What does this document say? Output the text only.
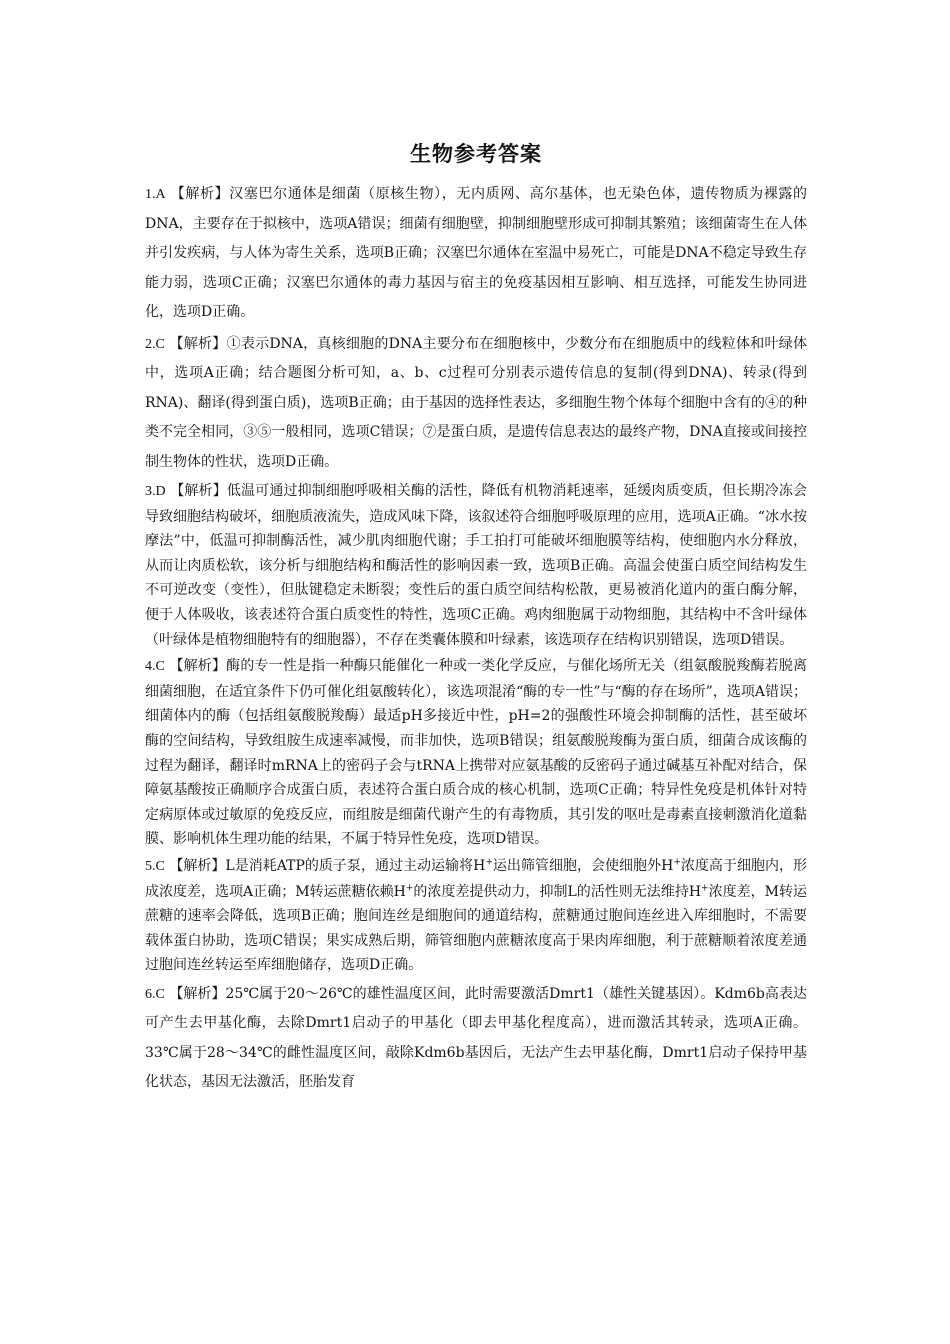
生物参考答案

1.A 【解析】汉塞巴尔通体是细菌（原核生物），无内质网、高尔基体，也无染色体，遗传物质为裸露的DNA，主要存在于拟核中，选项A错误；细菌有细胞壁，抑制细胞壁形成可抑制其繁殖；该细菌寄生在人体并引发疾病，与人体为寄生关系，选项B正确；汉塞巴尔通体在室温中易死亡，可能是DNA不稳定导致生存能力弱，选项C正确；汉塞巴尔通体的毒力基因与宿主的免疫基因相互影响、相互选择，可能发生协同进化，选项D正确。

2.C 【解析】①表示DNA，真核细胞的DNA主要分布在细胞核中，少数分布在细胞质中的线粒体和叶绿体中，选项A正确；结合题图分析可知，a、b、c过程可分别表示遗传信息的复制(得到DNA)、转录(得到RNA)、翻译(得到蛋白质)，选项B正确；由于基因的选择性表达，多细胞生物个体每个细胞中含有的④的种类不完全相同，③⑤一般相同，选项C错误；⑦是蛋白质，是遗传信息表达的最终产物，DNA直接或间接控制生物体的性状，选项D正确。

3.D 【解析】低温可通过抑制细胞呼吸相关酶的活性，降低有机物消耗速率，延缓肉质变质，但长期冷冻会导致细胞结构破坏，细胞质液流失，造成风味下降，该叙述符合细胞呼吸原理的应用，选项A正确。“冰水按摩法”中，低温可抑制酶活性，减少肌肉细胞代谢；手工拍打可能破坏细胞膜等结构，使细胞内水分释放，从而让肉质松软，该分析与细胞结构和酶活性的影响因素一致，选项B正确。高温会使蛋白质空间结构发生不可逆改变（变性），但肽键稳定未断裂；变性后的蛋白质空间结构松散，更易被消化道内的蛋白酶分解，便于人体吸收，该表述符合蛋白质变性的特性，选项C正确。鸡肉细胞属于动物细胞，其结构中不含叶绿体（叶绿体是植物细胞特有的细胞器），不存在类囊体膜和叶绿素，该选项存在结构识别错误，选项D错误。

4.C 【解析】酶的专一性是指一种酶只能催化一种或一类化学反应，与催化场所无关（组氨酸脱羧酶若脱离细菌细胞，在适宜条件下仍可催化组氨酸转化），该选项混淆“酶的专一性”与“酶的存在场所”，选项A错误；细菌体内的酶（包括组氨酸脱羧酶）最适pH多接近中性，pH=2的强酸性环境会抑制酶的活性，甚至破坏酶的空间结构，导致组胺生成速率减慢，而非加快，选项B错误；组氨酸脱羧酶为蛋白质，细菌合成该酶的过程为翻译，翻译时mRNA上的密码子会与tRNA上携带对应氨基酸的反密码子通过碱基互补配对结合，保障氨基酸按正确顺序合成蛋白质，表述符合蛋白质合成的核心机制，选项C正确；特异性免疫是机体针对特定病原体或过敏原的免疫反应，而组胺是细菌代谢产生的有毒物质，其引发的呕吐是毒素直接刺激消化道黏膜、影响机体生理功能的结果，不属于特异性免疫，选项D错误。

5.C 【解析】L是消耗ATP的质子泵，通过主动运输将H+运出筛管细胞，会使细胞外H+浓度高于细胞内，形成浓度差，选项A正确；M转运蔗糖依赖H+的浓度差提供动力，抑制L的活性则无法维持H+浓度差，M转运蔗糖的速率会降低，选项B正确；胞间连丝是细胞间的通道结构，蔗糖通过胞间连丝进入库细胞时，不需要载体蛋白协助，选项C错误；果实成熟后期，筛管细胞内蔗糖浓度高于果肉库细胞，利于蔗糖顺着浓度差通过胞间连丝转运至库细胞储存，选项D正确。

6.C 【解析】25℃属于20～26℃的雄性温度区间，此时需要激活Dmrt1（雄性关键基因）。Kdm6b高表达可产生去甲基化酶，去除Dmrt1启动子的甲基化（即去甲基化程度高），进而激活其转录，选项A正确。33℃属于28～34℃的雌性温度区间，敲除Kdm6b基因后，无法产生去甲基化酶，Dmrt1启动子保持甲基化状态，基因无法激活，胚胎发育
